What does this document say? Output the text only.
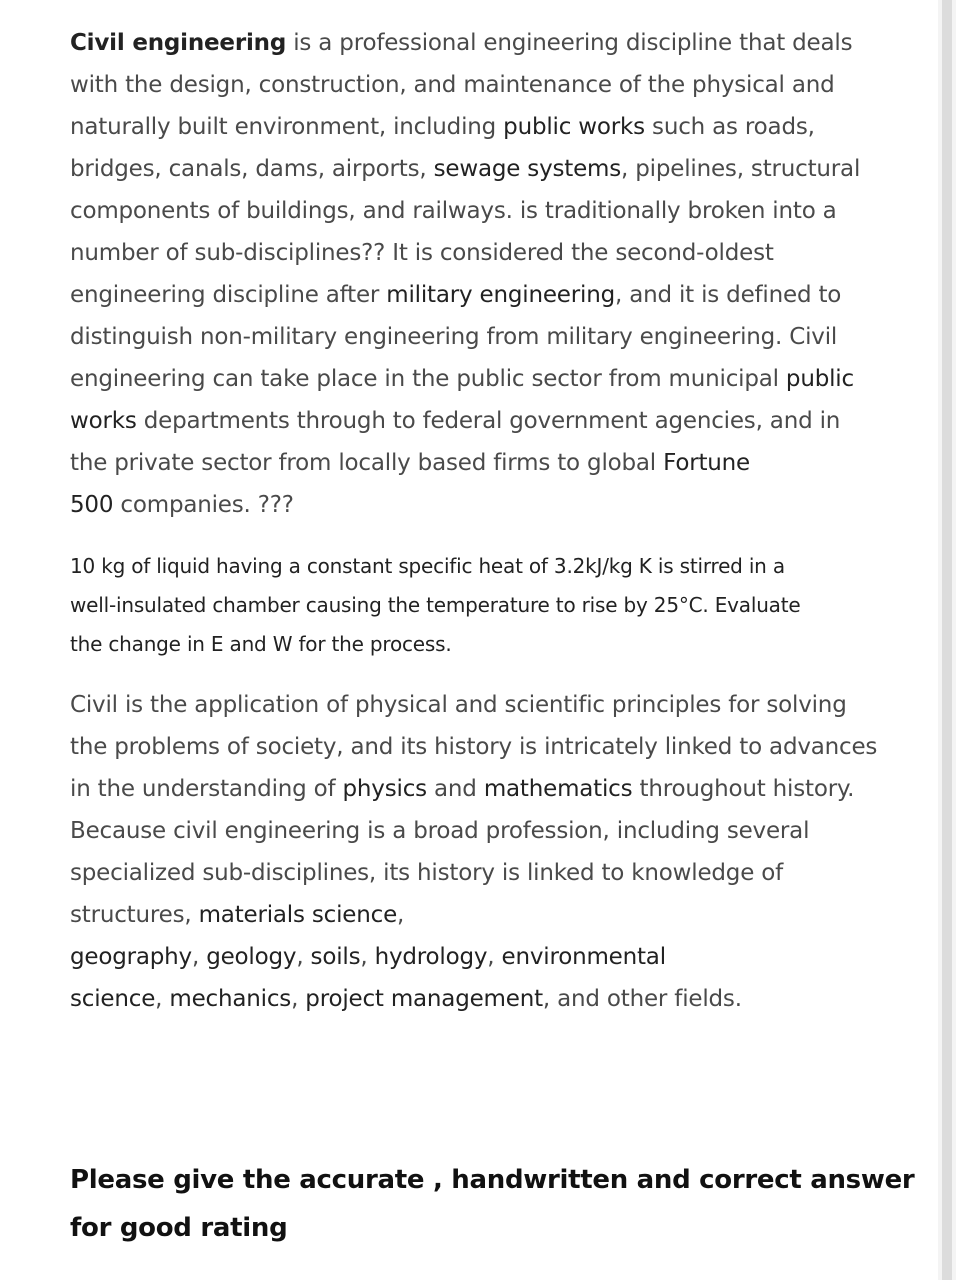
Civil engineering is a professional engineering discipline that deals
with the design, construction, and maintenance of the physical and
naturally built environment, including public works such as roads,
bridges, canals, dams, airports, sewage systems, pipelines, structural
components of buildings, and railways. is traditionally broken into a
number of sub-disciplines?? It is considered the second-oldest
engineering discipline after military engineering, and it is defined to
distinguish non-military engineering from military engineering. Civil
engineering can take place in the public sector from municipal public
works departments through to federal government agencies, and in
the private sector from locally based firms to global Fortune
500 companies. ???
10 kg of liquid having a constant specific heat of 3.2kJ/kg K is stirred in a
well-insulated chamber causing the temperature to rise by 25°C. Evaluate
the change in E and W for the process.
Civil is the application of physical and scientific principles for solving
the problems of society, and its history is intricately linked to advances
in the understanding of physics and mathematics throughout history.
Because civil engineering is a broad profession, including several
specialized sub-disciplines, its history is linked to knowledge of
structures, materials science,
geography, geology, soils, hydrology, environmental
science, mechanics, project management, and other fields.
Please give the accurate , handwritten and correct answer
for good rating
